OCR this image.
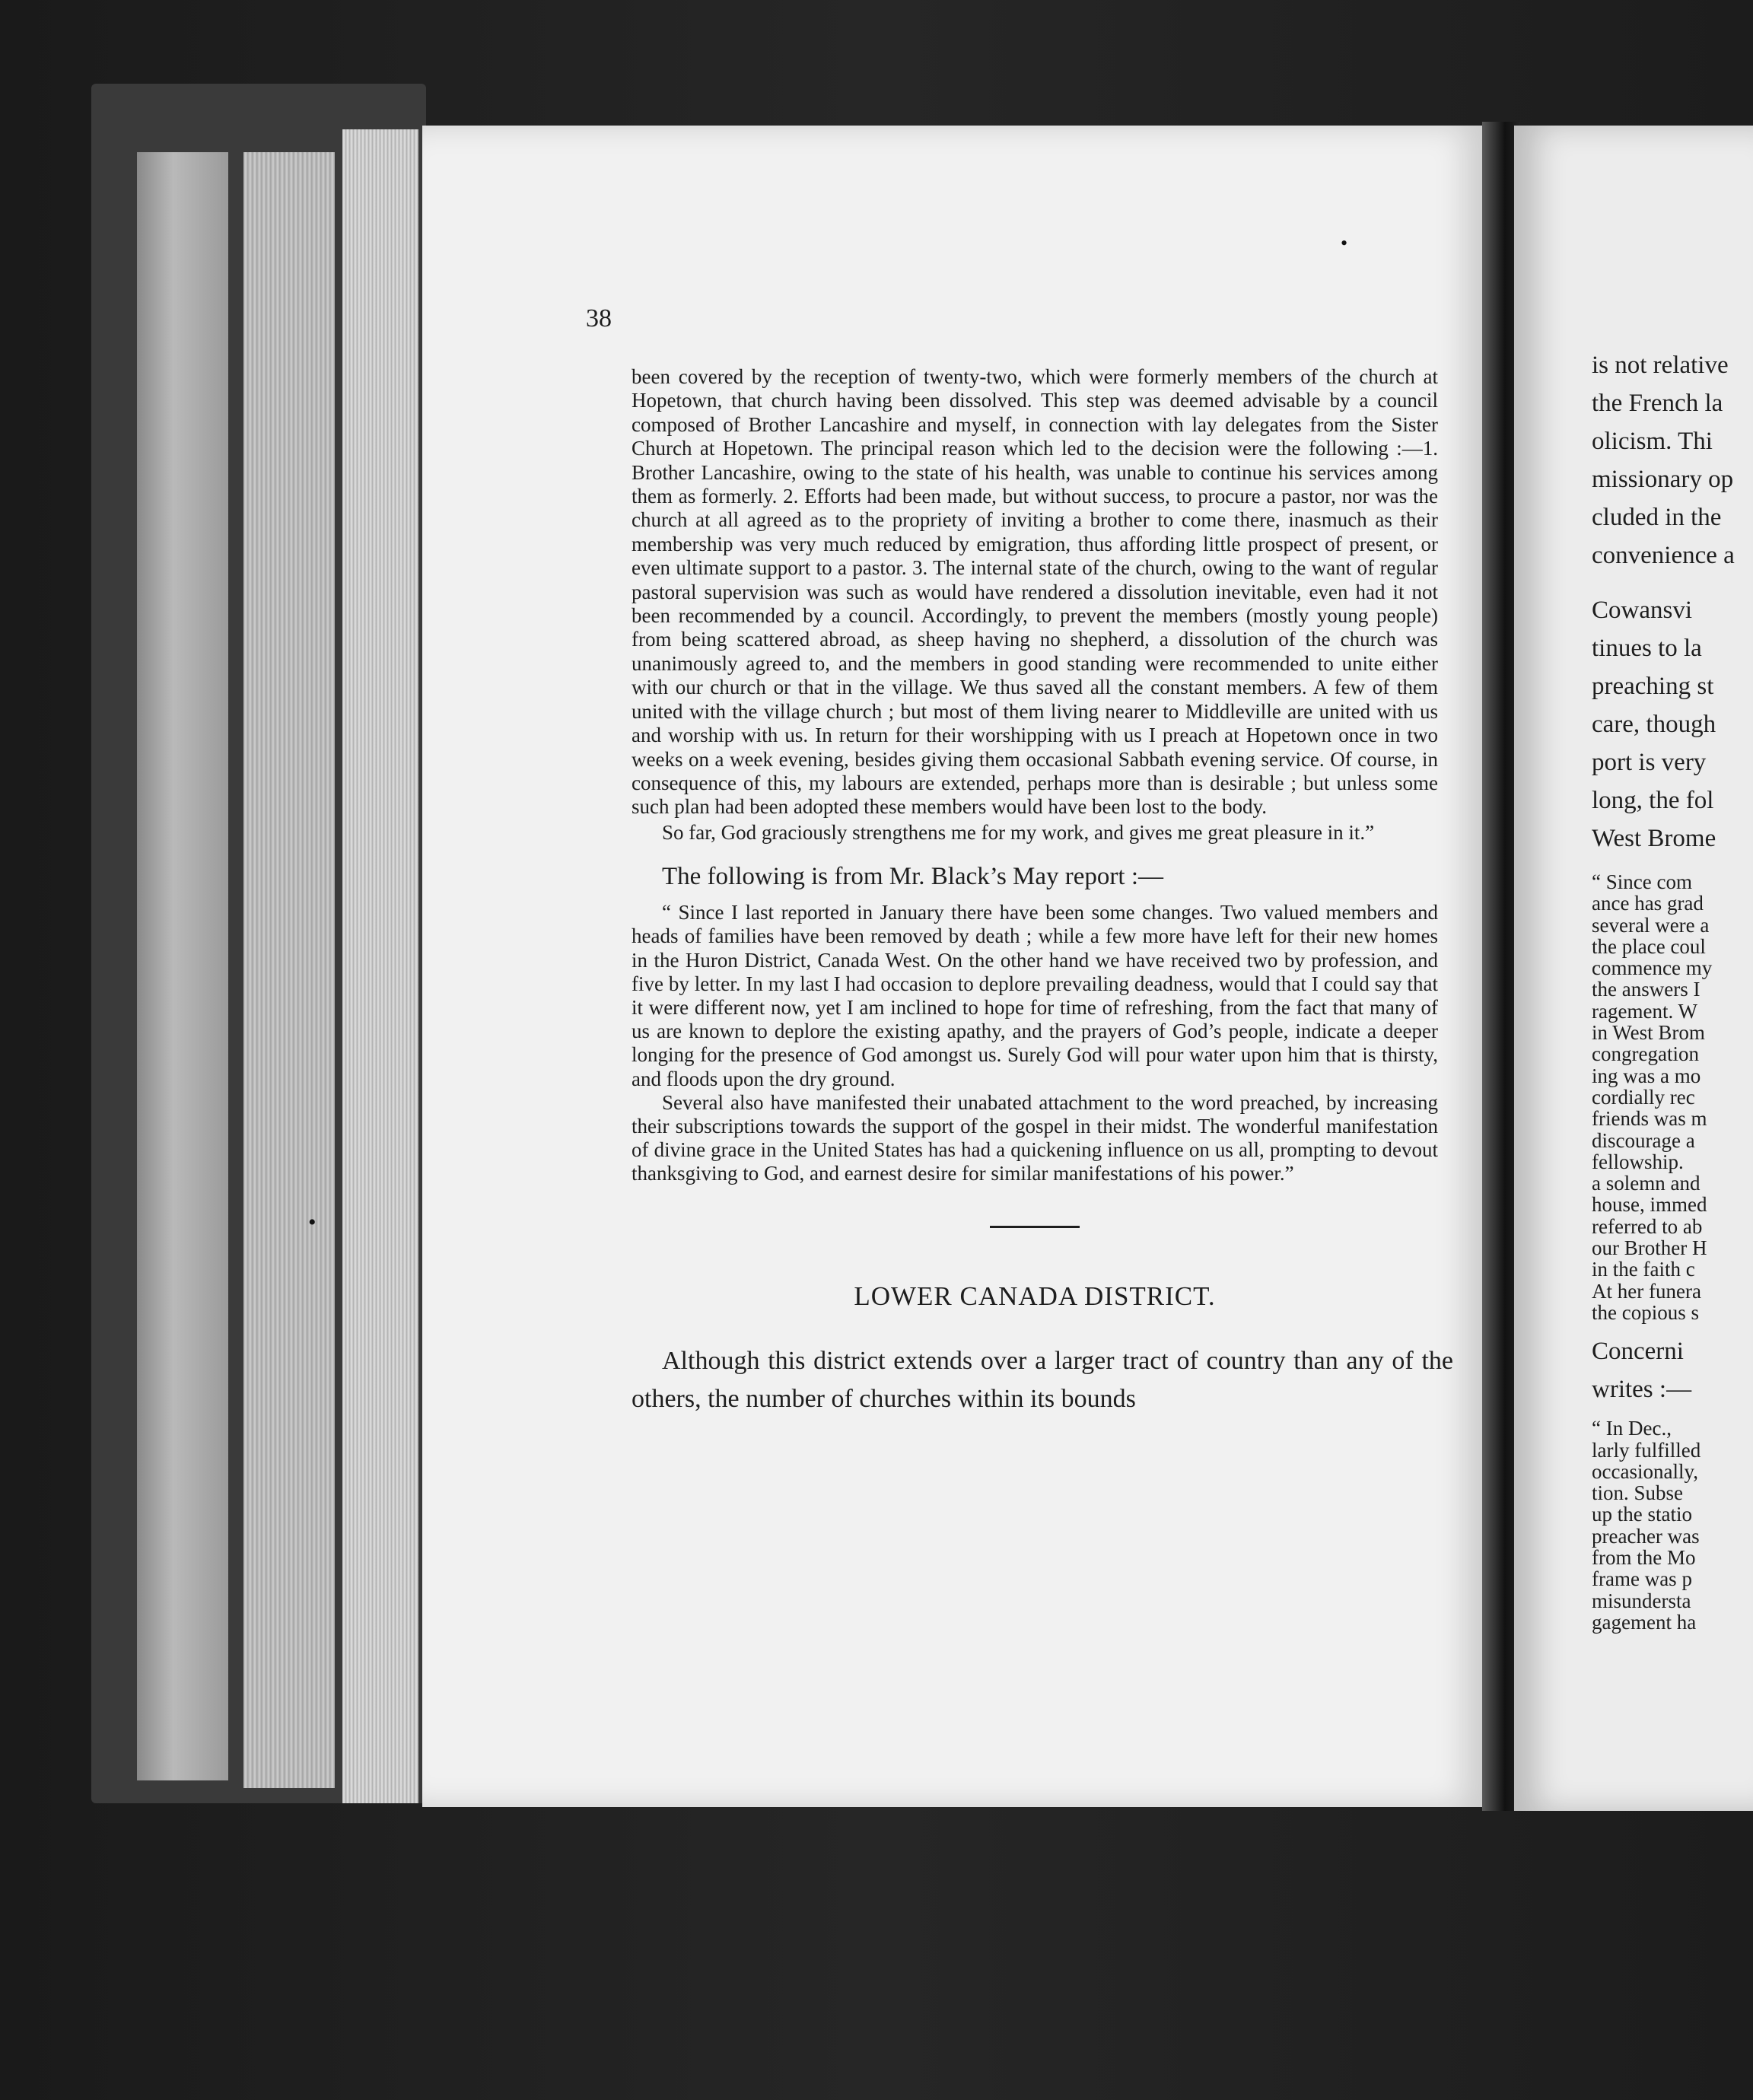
•
•
38

been covered by the reception of twenty-two, which were formerly members of the church at Hopetown, that church having been dissolved. This step was deemed advisable by a council composed of Brother Lancashire and myself, in connection with lay delegates from the Sister Church at Hopetown. The principal reason which led to the decision were the following :—1. Brother Lancashire, owing to the state of his health, was unable to continue his services among them as formerly. 2. Efforts had been made, but without success, to procure a pastor, nor was the church at all agreed as to the propriety of inviting a brother to come there, inasmuch as their membership was very much reduced by emigration, thus affording little prospect of present, or even ultimate support to a pastor. 3. The internal state of the church, owing to the want of regular pastoral supervision was such as would have rendered a dissolution inevitable, even had it not been recommended by a council. Accordingly, to prevent the members (mostly young people) from being scattered abroad, as sheep having no shepherd, a dissolution of the church was unanimously agreed to, and the members in good standing were recommended to unite either with our church or that in the village. We thus saved all the constant members. A few of them united with the village church ; but most of them living nearer to Middleville are united with us and worship with us. In return for their worshipping with us I preach at Hopetown once in two weeks on a week evening, besides giving them occasional Sabbath evening service. Of course, in consequence of this, my labours are extended, perhaps more than is desirable ; but unless some such plan had been adopted these members would have been lost to the body.

So far, God graciously strengthens me for my work, and gives me great pleasure in it.”

The following is from Mr. Black’s May report :—

“ Since I last reported in January there have been some changes. Two valued members and heads of families have been removed by death ; while a few more have left for their new homes in the Huron District, Canada West. On the other hand we have received two by profession, and five by letter. In my last I had occasion to deplore prevailing deadness, would that I could say that it were different now, yet I am inclined to hope for time of refreshing, from the fact that many of us are known to deplore the existing apathy, and the prayers of God’s people, indicate a deeper longing for the presence of God amongst us. Surely God will pour water upon him that is thirsty, and floods upon the dry ground.

Several also have manifested their unabated attachment to the word preached, by increasing their subscriptions towards the support of the gospel in their midst. The wonderful manifestation of divine grace in the United States has had a quickening influence on us all, prompting to devout thanksgiving to God, and earnest desire for similar manifestations of his power.”

LOWER CANADA DISTRICT.

Although this district extends over a larger tract of country than any of the others, the number of churches within its bounds

is not relative

the French la

olicism. Thi

missionary op

cluded in the

convenience a

Cowansvi

tinues to la

preaching st

care, though

port is very

long, the fol

West Brome

“ Since com

ance has grad

several were a

the place coul

commence my

the answers I

ragement. W

in West Brom

congregation

ing was a mo

cordially rec

friends was m

discourage a

fellowship.

a solemn and

house, immed

referred to ab

our Brother H

in the faith c

At her funera

the copious s

Concerni

writes :—

“ In Dec.,

larly fulfilled

occasionally,

tion. Subse

up the statio

preacher was

from the Mo

frame was p

misundersta

gagement ha
